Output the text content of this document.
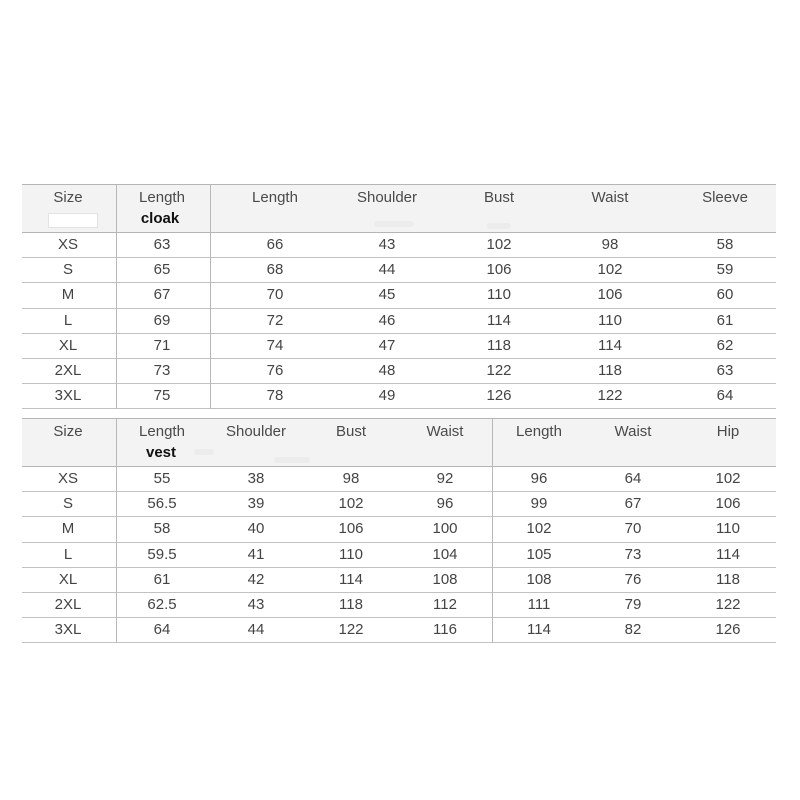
Size	Length	Length	Shoulder	Bust	Waist	Sleeve
cloak
XS	63	66	43	102	98	58
S	65	68	44	106	102	59
M	67	70	45	110	106	60
L	69	72	46	114	110	61
XL	71	74	47	118	114	62
2XL	73	76	48	122	118	63
3XL	75	78	49	126	122	64
Size	Length	Shoulder	Bust	Waist	Length	Waist	Hip
vest
XS	55	38	98	92	96	64	102
S	56.5	39	102	96	99	67	106
M	58	40	106	100	102	70	110
L	59.5	41	110	104	105	73	114
XL	61	42	114	108	108	76	118
2XL	62.5	43	118	112	111	79	122
3XL	64	44	122	116	114	82	126
